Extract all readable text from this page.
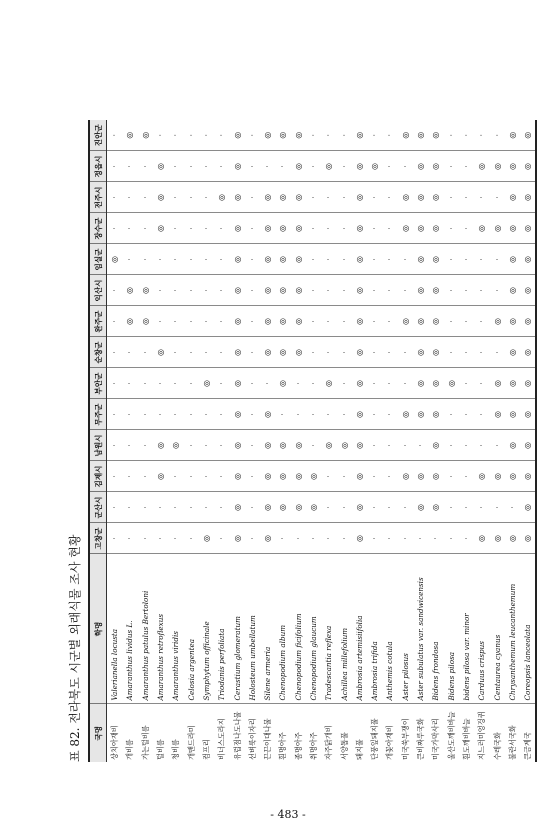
표 82. 전라북도 시군별 외래식물 조사 현황 국명	학명	고창군	군산시	김제시	남원시	무주군	부안군	순창군	완주군	익산시	임실군	장수군	전주시	정읍시	진안군
상치아재비	Valerianella locusta	·	·	·	·	·	·	·	·	·	◎	·	·	·	·
개비름	Amaranthus lividus L.	·	·	·	·	·	·	·	◎	◎	·	·	·	·	◎
가는털비름	Amaranthus patulus Bertoloni	·	·	·	·	·	·	·	◎	◎	·	·	·	·	◎
털비름	Amaranthus retroflexus	·	·	◎	◎	·	·	◎	·	·	·	◎	◎	◎	·
청비름	Amaranthus viridis	·	·	·	◎	·	·	·	·	·	·	·	·	·	·
개맨드라미	Celosia argentea	·	·	·	·	·	·	·	·	·	·	·	·	·	·
컴프리	Symphytum officinale	◎	·	·	·	·	◎	·	·	·	·	·	·	·	·
비너스도라지	Triodanis perfoliata	·	·	·	·	·	·	·	·	·	·	·	◎	·	·
유럽점나도나물	Cerastium glomeratum	◎	◎	◎	◎	◎	◎	◎	◎	◎	◎	◎	◎	◎	◎
선벼룩이자리	Holosteum umbellatum	·	·	·	·	·	·	·	·	·	·	·	·	·	·
끈끈이대나물	Silene armeria	◎	◎	◎	◎	◎	·	◎	◎	◎	◎	◎	◎	·	◎
흰명아주	Chenopodium album	·	◎	◎	◎	·	◎	◎	◎	◎	◎	◎	◎	·	◎
좀명아주	Chenopodium ficifolium	·	◎	◎	◎	·	·	◎	◎	◎	◎	◎	◎	◎	◎
취명아주	Chenopodium glaucum	·	◎	◎	·	·	·	·	·	·	·	·	·	·	·
자주닭개비	Tradescantia reflexa	·	·	·	◎	·	◎	·	·	·	·	·	·	◎	·
서양톱풀	Achillea millefolium	·	·	·	◎	·	·	·	·	·	·	·	·	·	·
돼지풀	Ambrosia artemisiifolia	◎	◎	◎	◎	◎	◎	◎	◎	◎	◎	◎	◎	◎	◎
단풍잎돼지풀	Ambrosia trifida	·	·	·	·	·	·	·	·	·	·	·	·	◎	·
개꽃아재비	Anthemis cotula	·	·	·	·	·	·	·	·	·	·	·	·	·	·
미국쑥부쟁이	Aster pilosus	·	·	◎	·	◎	·	·	◎	·	·	◎	◎	·	◎
큰비짜루국화	Aster subulatus var. sandwicensis	·	◎	◎	·	◎	◎	◎	◎	◎	◎	◎	◎	◎	◎
미국가막사리	Bidens frondosa	·	◎	◎	◎	◎	◎	◎	◎	◎	◎	◎	◎	◎	◎
울산도깨비바늘	Bidens pilosa	·	·	·	·	·	◎	·	·	·	·	·	·	·	·
흰도깨비바늘	bidens pilosa var. minor	·	·	·	·	·	·	·	·	·	·	·	·	·	·
지느러미엉겅퀴	Carduus crispus	◎	·	◎	·	·	·	·	·	·	·	◎	·	◎	·
수레국화	Centaurea cyanus	◎	·	◎	·	◎	◎	·	◎	·	·	◎	·	◎	·
불란서국화	Chrysanthemum leucanthemum	◎	·	◎	◎	◎	◎	◎	◎	◎	◎	◎	◎	◎	◎
큰금계국	Coreopsis lanceolata	◎	◎	◎	◎	◎	◎	◎	◎	◎	◎	◎	◎	◎	◎
- 483 -
